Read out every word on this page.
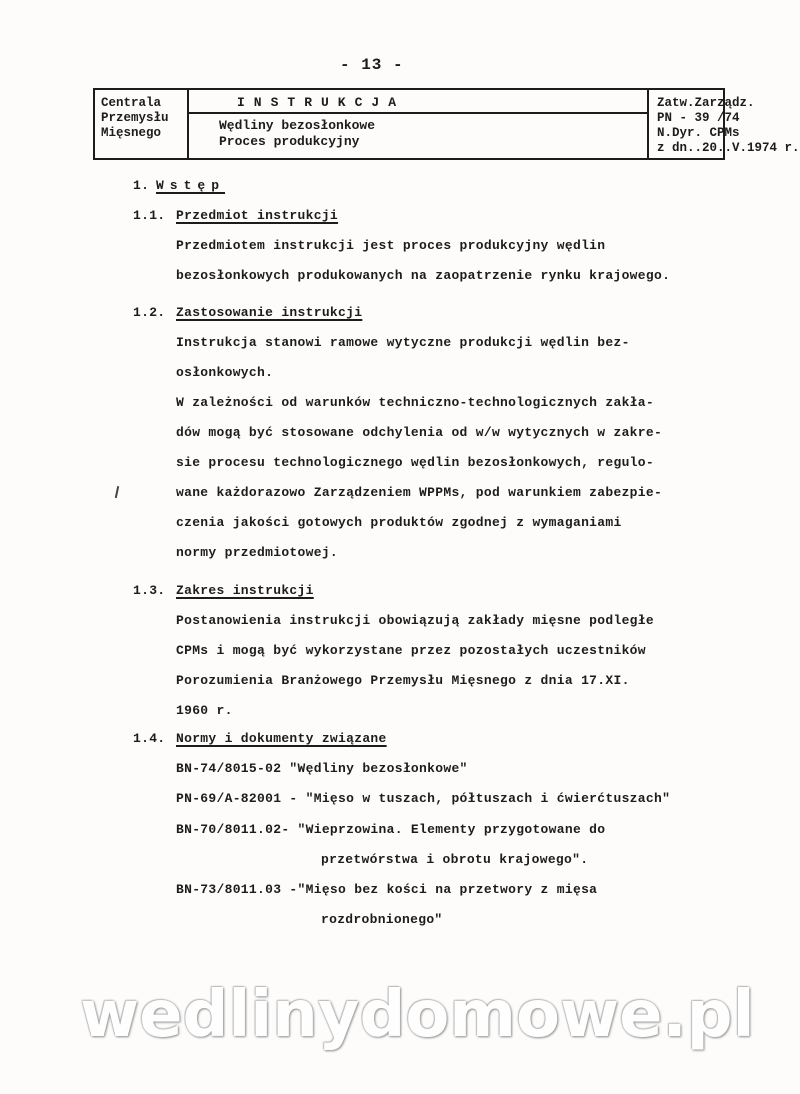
- 13 -
Centrala
Przemysłu
Mięsnego
INSTRUKCJA
Wędliny bezosłonkowe
Proces produkcyjny
Zatw.Zarządz.
PN - 39 /74
N.Dyr. CPMs
z dn..20..V.1974 r.
1. Wstęp
1.1. Przedmiot instrukcji
Przedmiotem instrukcji jest proces produkcyjny wędlin
bezosłonkowych produkowanych na zaopatrzenie rynku krajowego.
1.2. Zastosowanie instrukcji
Instrukcja stanowi ramowe wytyczne produkcji wędlin bez-
osłonkowych.
W zależności od warunków techniczno-technologicznych zakła-
dów mogą być stosowane odchylenia od w/w wytycznych w zakre-
sie procesu technologicznego wędlin bezosłonkowych, regulo-
wane każdorazowo Zarządzeniem WPPMs, pod warunkiem zabezpie-
czenia jakości gotowych produktów zgodnej z wymaganiami
normy przedmiotowej.
1.3. Zakres instrukcji
Postanowienia instrukcji obowiązują zakłady mięsne podległe
CPMs i mogą być wykorzystane przez pozostałych uczestników
Porozumienia Branżowego Przemysłu Mięsnego z dnia 17.XI.
1960 r.
1.4. Normy i dokumenty związane
BN-74/8015-02 "Wędliny bezosłonkowe"
PN-69/A-82001 - "Mięso w tuszach, półtuszach i ćwierćtuszach"
BN-70/8011.02- "Wieprzowina. Elementy przygotowane do
przetwórstwa i obrotu krajowego".
BN-73/8011.03 -"Mięso bez kości na przetwory z mięsa
rozdrobnionego"
wedlinydomowe.pl
